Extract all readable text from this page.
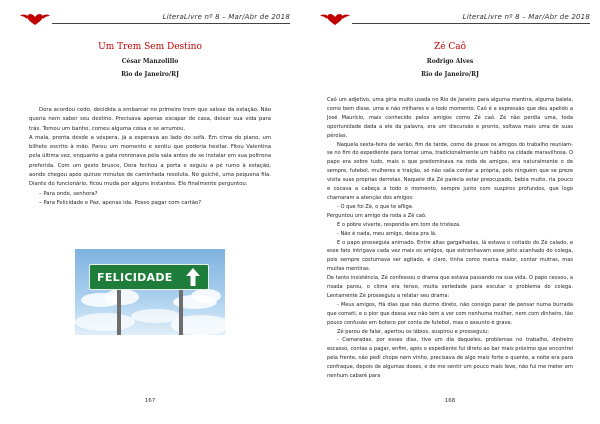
LiteraLivre nº 8 – Mar/Abr de 2018
Um Trem Sem Destino
César Manzolillo
Rio de Janeiro/RJ

Dora acordou cedo, decidida a embarcar no primeiro trem que saísse da estação. Não queria nem saber seu destino. Precisava apenas escapar de casa, deixar sua vida para trás. Tomou um banho, comeu alguma coisa e se arrumou.

A mala, pronta desde a véspera, já a esperava ao lado do sofá. Em cima do piano, um bilhete escrito à mão. Parou um momento e sentiu que poderia hesitar. Fitou Valentina pela última vez, enquanto a gata ronronava pela sala antes de se instalar em sua poltrona preferida. Com um gesto brusco, Dora fechou a porta e seguiu a pé rumo à estação, aonde chegou após quinze minutos de caminhada resoluta. No guichê, uma pequena fila. Diante do funcionário, ficou muda por alguns instantes. Ele finalmente perguntou:

– Para onde, senhora?

– Para Felicidade e Paz, apenas ida. Posso pagar com cartão?

FELICIDADE
167
LiteraLivre nº 8 – Mar/Abr de 2018
Zé Caô
Rodrigo Alves
Rio de Janeiro/RJ

Caô um adjetivo, uma gíria muito usada no Rio de Janeiro para alguma mentira, alguma balela, como bem disse, uma e não milhares e a todo momento. Caô é a expressão que deu apelido a José Maurício, mais conhecido pelos amigos como Zé caô. Zé não perdia uma, toda oportunidade dada a ele da palavra, era um discursão e pronto, soltava mais uma de suas pérolas.

Naquela sexta-feira de verão, fim de tarde, como de praxe os amigos do trabalho reuniam-se no fim do expediente para tomar uma, tradicionalmente um hábito na cidade maravilhosa. O papo era sobre tudo, mais o que predominava na roda de amigos, era naturalmente o de sempre, futebol, mulheres e traição, só não saíia contar a própria, pois ninguém que se preze visita suas próprias derrotas. Naquele dia Zé parecia estar preocupado, bebia muito, ria pouco e cocava a cabeça a todo o momento, sempre junto com suspiros profundos, que logo chamaram a atenção dos amigos:

- O que foi Zé, o que te aflige.

Perguntou um amigo da roda a Zé caô.

E o pobre viverte, respondia em tom de tristeza.

- Não é nada, meu amigo, deixa pra lá.

E o papo prosseguia animado. Entre altas gargalhadas, lá estava o coitado do Zé calado, e esse fato intrigava cada vez mais os amigos, que estranhavam esse jeito acanhado do colega, pois sempre costumava ser agitado, e claro, tinha como marca maior, contar mutras, mas muitas mentiras.

De tanto insistência, Zé confessou o drama que estava passando na sua vida. O papo cessou, a risada parou, o clima era tenso, muita seriedade para escutar o problema do colega. Lentamente Zé prosseguiu a relatar seu drama:

- Meus amigos, Há dias que não durmo direto, não consigo parar de pensar numa burrada que cometi, e o pior que dessa vez não tem a ver com nenhuma mulher, nem com dinheiro, tão pouco confusão em boteco por conta de futebol, mas o assunto é grave.

Zé parou de falar, apertou os lábios, suspirou e prosseguiu:

- Camaradas, por esses dias, tive um dia daqueles, problemas no trabalho, dinheiro escasso, contas a pagar, enfim, após o expediente fui direto ao bar mais próximo que encontrei pela frente, não pedi chope nem vinho, precisava de algo mais forte e quente, a noite era para confraque, depois de algumas doses, e de me sentir um pouco mais leve, não fui me meter em nenhum cabaré para

168
